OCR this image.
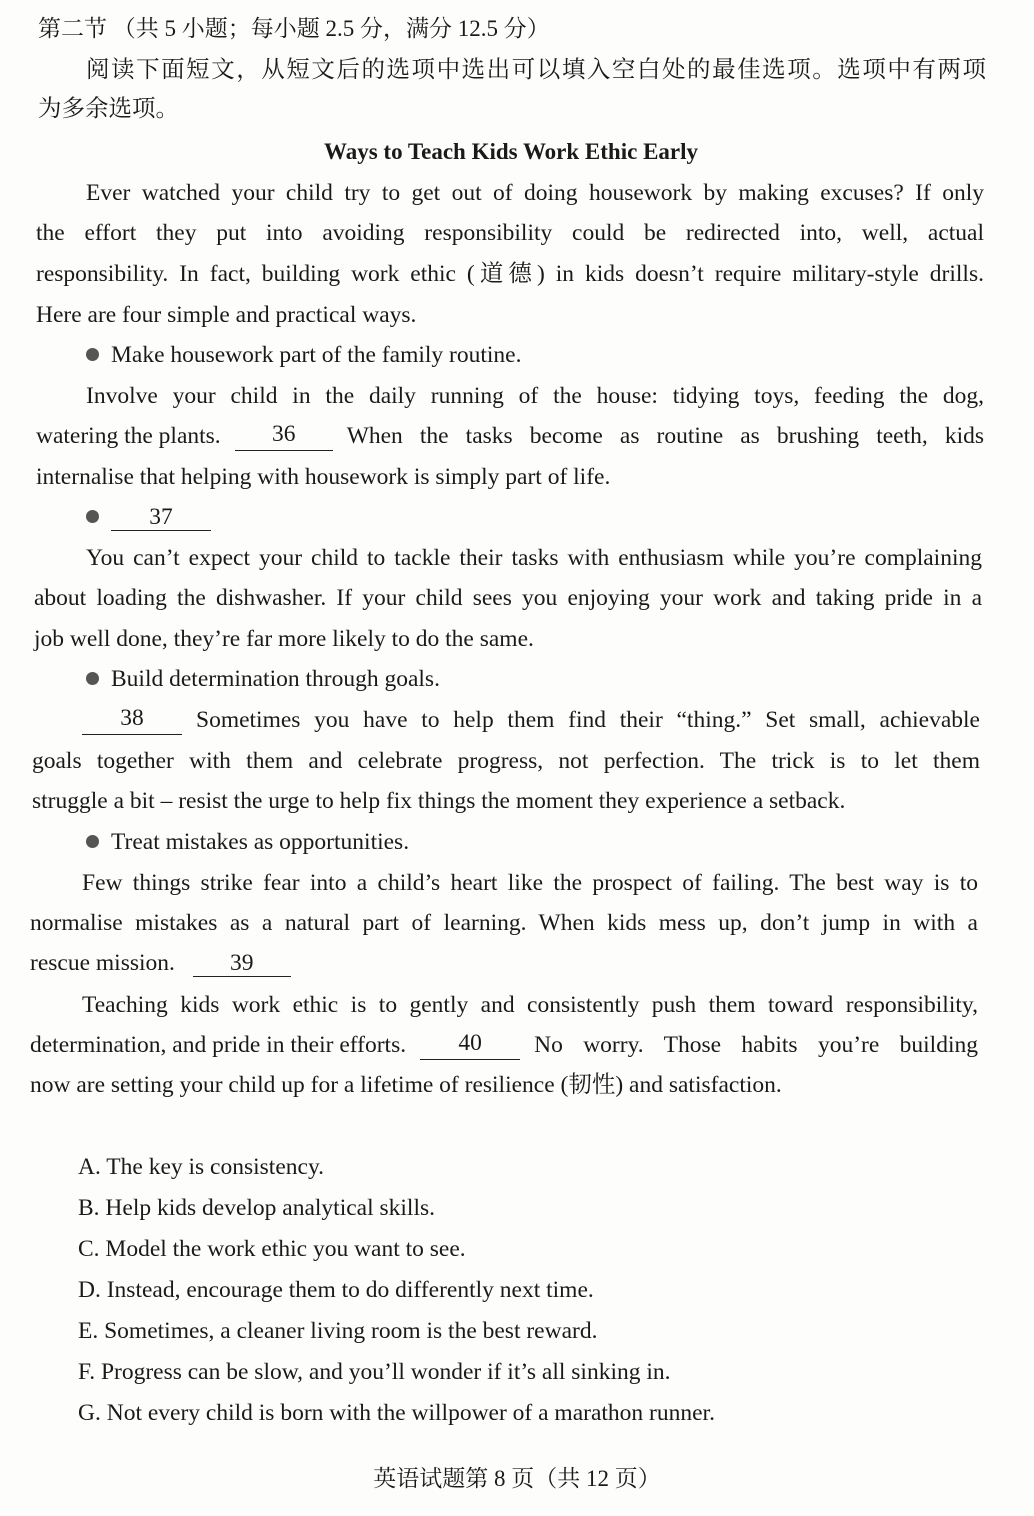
第二节 （共 5 小题；每小题 2.5 分，满分 12.5 分）
阅读下面短文，从短文后的选项中选出可以填入空白处的最佳选项。选项中有两项
为多余选项。
Ways to Teach Kids Work Ethic Early
Ever watched your child try to get out of doing housework by making excuses? If only
the effort they put into avoiding responsibility could be redirected into, well, actual
responsibility. In fact, building work ethic (道德) in kids doesn’t require military-style drills.
Here are four simple and practical ways.
Make housework part of the family routine.
Involve your child in the daily running of the house: tidying toys, feeding the dog,
watering the plants.	36	When the tasks become as routine as brushing teeth, kids
internalise that helping with housework is simply part of life.
37
You can’t expect your child to tackle their tasks with enthusiasm while you’re complaining
about loading the dishwasher. If your child sees you enjoying your work and taking pride in a
job well done, they’re far more likely to do the same.
Build determination through goals.
38	Sometimes you have to help them find their “thing.” Set small, achievable
goals together with them and celebrate progress, not perfection. The trick is to let them
struggle a bit – resist the urge to help fix things the moment they experience a setback.
Treat mistakes as opportunities.
Few things strike fear into a child’s heart like the prospect of failing. The best way is to
normalise mistakes as a natural part of learning. When kids mess up, don’t jump in with a
rescue mission. 39
Teaching kids work ethic is to gently and consistently push them toward responsibility,
determination, and pride in their efforts.	40	No worry. Those habits you’re building
now are setting your child up for a lifetime of resilience (韧性) and satisfaction.
A. The key is consistency.
B. Help kids develop analytical skills.
C. Model the work ethic you want to see.
D. Instead, encourage them to do differently next time.
E. Sometimes, a cleaner living room is the best reward.
F. Progress can be slow, and you’ll wonder if it’s all sinking in.
G. Not every child is born with the willpower of a marathon runner.
英语试题第 8 页（共 12 页）
